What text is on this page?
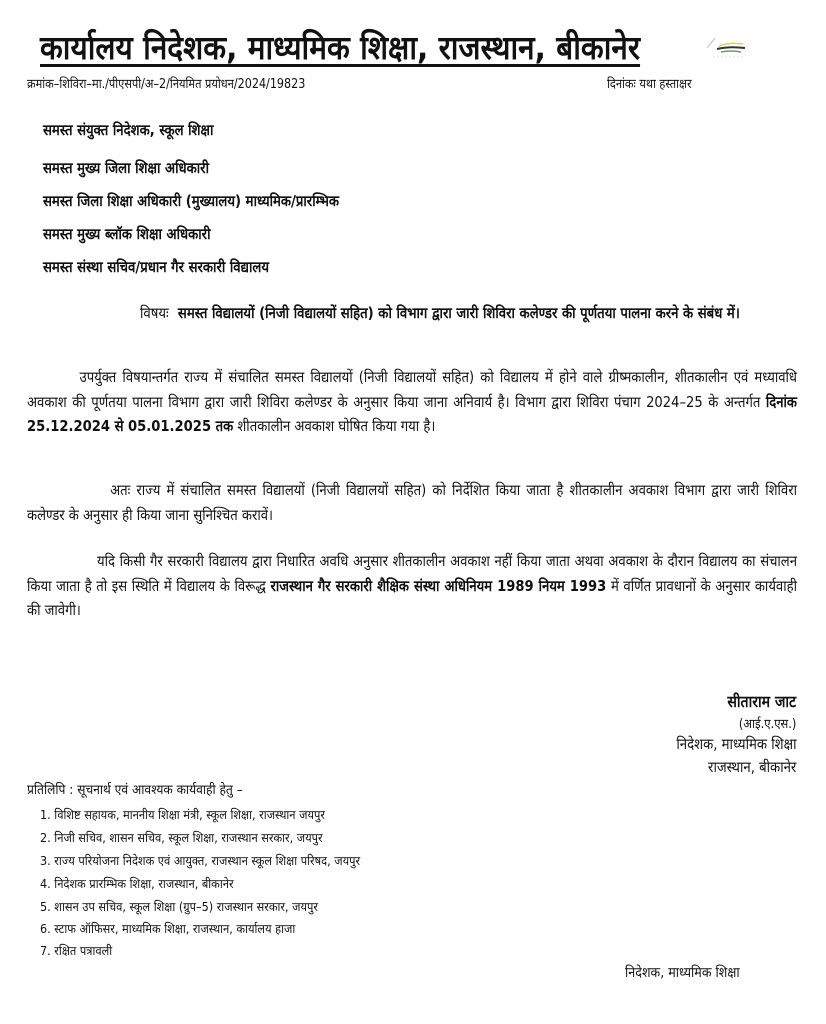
कार्यालय निदेशक, माध्यमिक शिक्षा, राजस्थान, बीकानेर
क्रमांक–शिविरा–मा./पीएसपी/अ–2/नियमित प्रयोधन/2024/19823	दिनांकः यथा हस्ताक्षर
समस्त संयुक्त निदेशक, स्कूल शिक्षा
समस्त मुख्य जिला शिक्षा अधिकारी
समस्त जिला शिक्षा अधिकारी (मुख्यालय) माध्यमिक/प्रारम्भिक
समस्त मुख्य ब्लॉक शिक्षा अधिकारी
समस्त संस्था सचिव/प्रधान गैर सरकारी विद्यालय
विषयः समस्त विद्यालयों (निजी विद्यालयों सहित) को विभाग द्वारा जारी शिविरा कलेण्डर की पूर्णतया पालना करने के संबंध में।
उपर्युक्त विषयान्तर्गत राज्य में संचालित समस्त विद्यालयों (निजी विद्यालयों सहित) को विद्यालय में होने वाले ग्रीष्मकालीन, शीतकालीन एवं मध्यावधि अवकाश की पूर्णतया पालना विभाग द्वारा जारी शिविरा कलेण्डर के अनुसार किया जाना अनिवार्य है। विभाग द्वारा शिविरा पंचाग 2024–25 के अन्तर्गत दिनांक 25.12.2024 से 05.01.2025 तक शीतकालीन अवकाश घोषित किया गया है।
अतः राज्य में संचालित समस्त विद्यालयों (निजी विद्यालयों सहित) को निर्देशित किया जाता है शीतकालीन अवकाश विभाग द्वारा जारी शिविरा कलेण्डर के अनुसार ही किया जाना सुनिश्चित करावें।
यदि किसी गैर सरकारी विद्यालय द्वारा निधारित अवधि अनुसार शीतकालीन अवकाश नहीं किया जाता अथवा अवकाश के दौरान विद्यालय का संचालन किया जाता है तो इस स्थिति में विद्यालय के विरूद्ध राजस्थान गैर सरकारी शैक्षिक संस्था अधिनियम 1989 नियम 1993 में वर्णित प्रावधानों के अनुसार कार्यवाही की जावेगी।
सीताराम जाट
(आई.ए.एस.)
निदेशक, माध्यमिक शिक्षा
राजस्थान, बीकानेर
प्रतिलिपि : सूचनार्थ एवं आवश्यक कार्यवाही हेतु –
1. विशिष्ट सहायक, माननीय शिक्षा मंत्री, स्कूल शिक्षा, राजस्थान जयपुर
2. निजी सचिव, शासन सचिव, स्कूल शिक्षा, राजस्थान सरकार, जयपुर
3. राज्य परियोजना निदेशक एवं आयुक्त, राजस्थान स्कूल शिक्षा परिषद, जयपुर
4. निदेशक प्रारम्भिक शिक्षा, राजस्थान, बीकानेर
5. शासन उप सचिव, स्कूल शिक्षा (ग्रुप–5) राजस्थान सरकार, जयपुर
6. स्टाफ ऑफिसर, माध्यमिक शिक्षा, राजस्थान, कार्यालय हाजा
7. रक्षित पत्रावली
निदेशक, माध्यमिक शिक्षा
